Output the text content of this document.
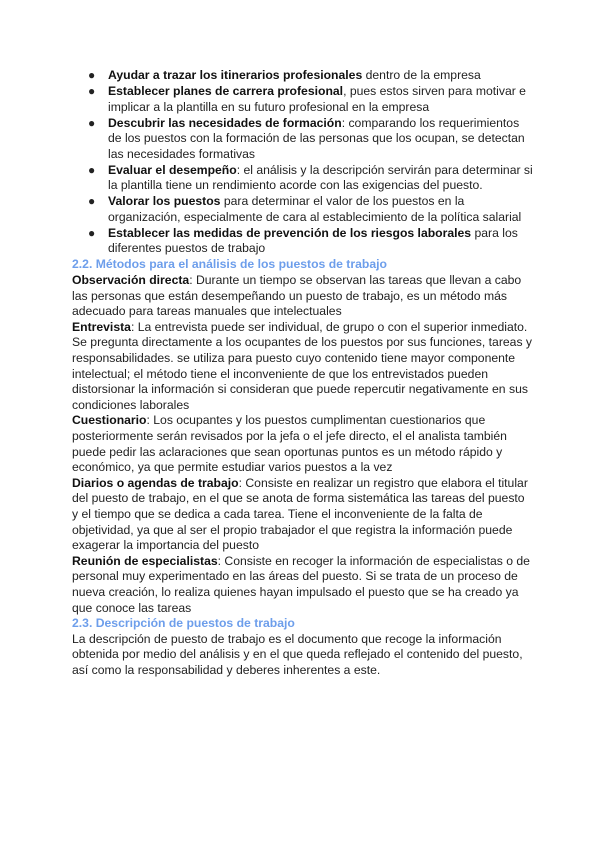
● Ayudar a trazar los itinerarios profesionales dentro de la empresa
● Establecer planes de carrera profesional, pues estos sirven para motivar e implicar a la plantilla en su futuro profesional en la empresa
● Descubrir las necesidades de formación: comparando los requerimientos de los puestos con la formación de las personas que los ocupan, se detectan las necesidades formativas
● Evaluar el desempeño: el análisis y la descripción servirán para determinar si la plantilla tiene un rendimiento acorde con las exigencias del puesto.
● Valorar los puestos para determinar el valor de los puestos en la organización, especialmente de cara al establecimiento de la política salarial
● Establecer las medidas de prevención de los riesgos laborales para los diferentes puestos de trabajo

2.2. Métodos para el análisis de los puestos de trabajo

Observación directa: Durante un tiempo se observan las tareas que llevan a cabo las personas que están desempeñando un puesto de trabajo, es un método más adecuado para tareas manuales que intelectuales

Entrevista: La entrevista puede ser individual, de grupo o con el superior inmediato. Se pregunta directamente a los ocupantes de los puestos por sus funciones, tareas y responsabilidades. se utiliza para puesto cuyo contenido tiene mayor componente intelectual; el método tiene el inconveniente de que los entrevistados pueden distorsionar la información si consideran que puede repercutir negativamente en sus condiciones laborales

Cuestionario: Los ocupantes y los puestos cumplimentan cuestionarios que posteriormente serán revisados por la jefa o el jefe directo, el el analista también puede pedir las aclaraciones que sean oportunas puntos es un método rápido y económico, ya que permite estudiar varios puestos a la vez

Diarios o agendas de trabajo: Consiste en realizar un registro que elabora el titular del puesto de trabajo, en el que se anota de forma sistemática las tareas del puesto y el tiempo que se dedica a cada tarea. Tiene el inconveniente de la falta de objetividad, ya que al ser el propio trabajador el que registra la información puede exagerar la importancia del puesto

Reunión de especialistas: Consiste en recoger la información de especialistas o de personal muy experimentado en las áreas del puesto. Si se trata de un proceso de nueva creación, lo realiza quienes hayan impulsado el puesto que se ha creado ya que conoce las tareas

2.3. Descripción de puestos de trabajo

La descripción de puesto de trabajo es el documento que recoge la información obtenida por medio del análisis y en el que queda reflejado el contenido del puesto, así como la responsabilidad y deberes inherentes a este.
